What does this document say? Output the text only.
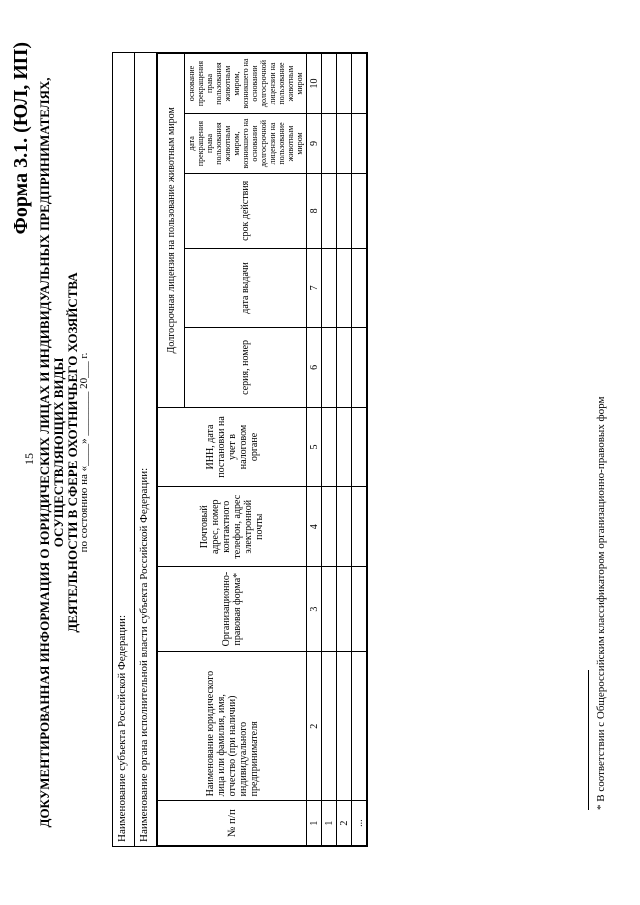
15
Форма 3.1. (ЮЛ, ИП) ДОКУМЕНТИРОВАННАЯ ИНФОРМАЦИЯ О ЮРИДИЧЕСКИХ ЛИЦАХ И ИНДИВИДУАЛЬНЫХ ПРЕДПРИНИМАТЕЛЯХ, ОСУЩЕСТВЛЯЮЩИХ ВИДЫ ДЕЯТЕЛЬНОСТИ В СФЕРЕ ОХОТНИЧЬЕГО ХОЗЯЙСТВА
по состоянию на «____» ________ 20___ г.
Наименование субъекта Российской Федерации: Наименование органа исполнительной власти субъекта Российской Федерации:	№ п/п	Наименование юридического лица или фамилия, имя, отчество (при наличии) индивидуального предпринимателя	Организационно-правовая форма*	Почтовый адрес, номер контактного телефон, адрес электронной почты	ИНН, дата постановки на учет в налоговом органе	Долгосрочная лицензия на пользование животным миром				
					серия, номер	дата выдачи	срок действия	дата прекращения права пользования животным миром, возникшего на основании долгосрочной лицензии на пользование животным миром	основание прекращения права пользования животным миром, возникшего на основании долгосрочной лицензии на пользование животным миром
1	2	3	4	5	6	7	8	9	10
1									
2									
...									
* В соответствии с Общероссийским классификатором организационно-правовых форм
